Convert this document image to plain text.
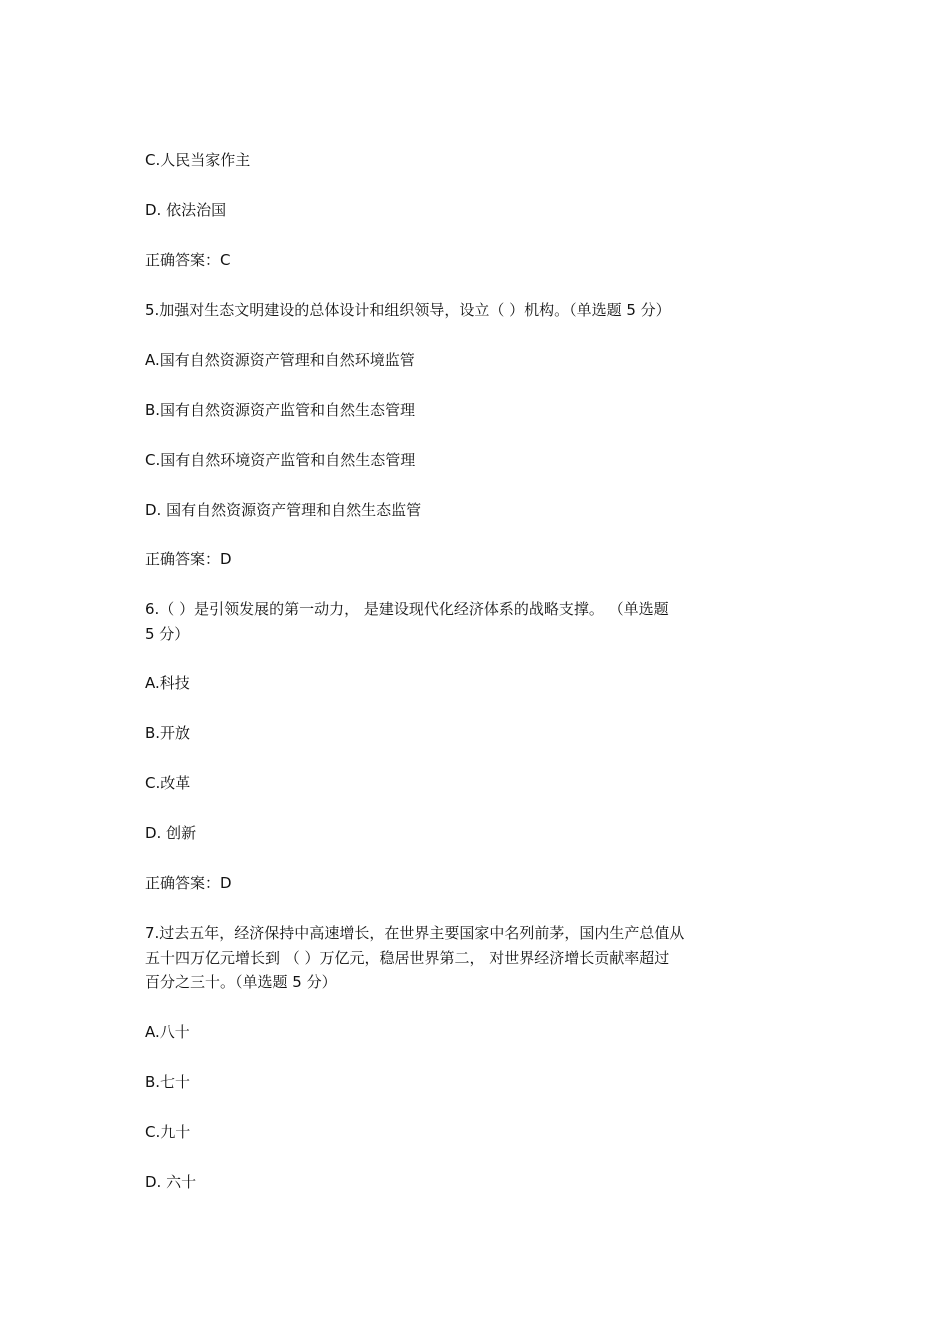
C.人民当家作主

D. 依法治国

正确答案：C

5.加强对生态文明建设的总体设计和组织领导，设立（ ）机构。（单选题 5 分）

A.国有自然资源资产管理和自然环境监管

B.国有自然资源资产监管和自然生态管理

C.国有自然环境资产监管和自然生态管理

D. 国有自然资源资产管理和自然生态监管

正确答案：D

6.（ ）是引领发展的第一动力， 是建设现代化经济体系的战略支撑。 （单选题

5 分）

A.科技

B.开放

C.改革

D. 创新

正确答案：D

7.过去五年，经济保持中高速增长，在世界主要国家中名列前茅，国内生产总值从

五十四万亿元增长到 （ ）万亿元，稳居世界第二， 对世界经济增长贡献率超过

百分之三十。（单选题 5 分）

A.八十

B.七十

C.九十

D. 六十
